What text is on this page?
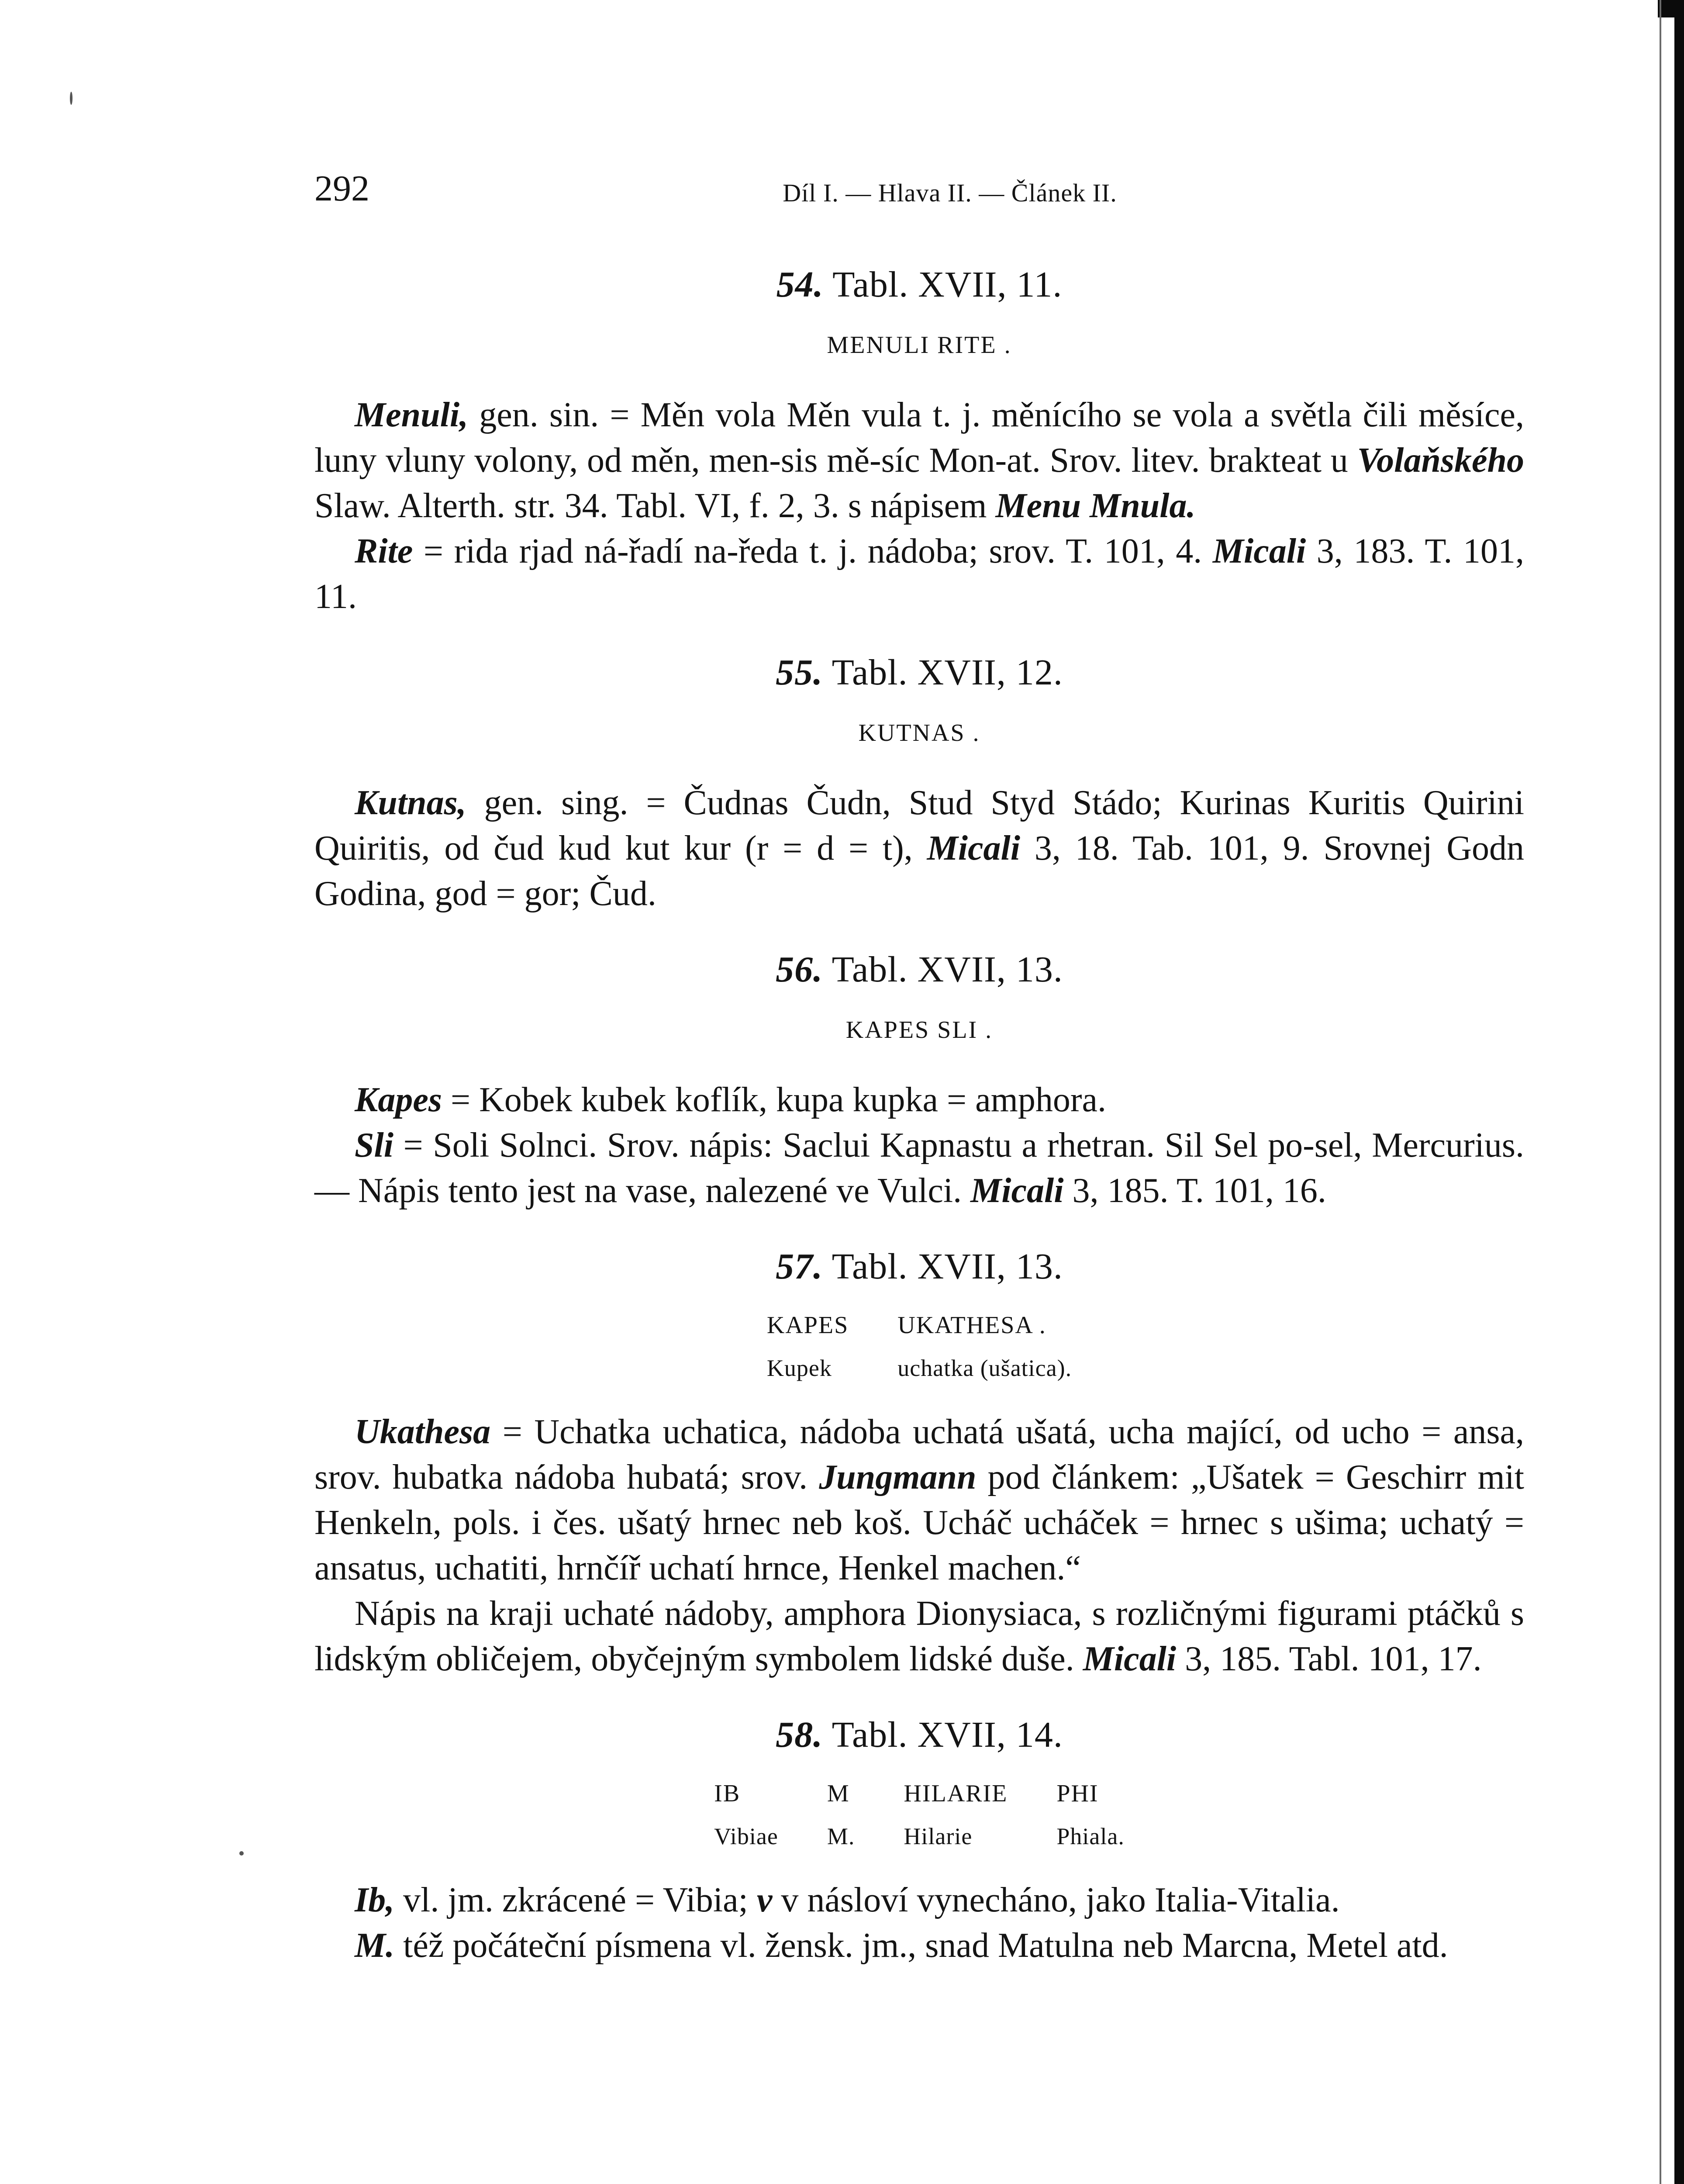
292	Díl I. — Hlava II. — Článek II.
54. Tabl. XVII, 11.
MENULI RITE .

Menuli, gen. sin. = Měn vola Měn vula t. j. měnícího se vola a světla čili měsíce, luny vluny volony, od měn, men-sis mě-síc Mon-at. Srov. litev. brakteat u Volaňského Slaw. Alterth. str. 34. Tabl. VI, f. 2, 3. s nápisem Menu Mnula.

Rite = rida rjad ná-řadí na-ředa t. j. nádoba; srov. T. 101, 4. Micali 3, 183. T. 101, 11.

55. Tabl. XVII, 12.
KUTNAS .

Kutnas, gen. sing. = Čudnas Čudn, Stud Styd Stádo; Kurinas Kuritis Quirini Quiritis, od čud kud kut kur (r = d = t), Micali 3, 18. Tab. 101, 9. Srovnej Godn Godina, god = gor; Čud.

56. Tabl. XVII, 13.
KAPES SLI .

Kapes = Kobek kubek koflík, kupa kupka = amphora.

Sli = Soli Solnci. Srov. nápis: Saclui Kapnastu a rhetran. Sil Sel po-sel, Mercurius. — Nápis tento jest na vase, nalezené ve Vulci. Micali 3, 185. T. 101, 16.

57. Tabl. XVII, 13.
KAPES	UKATHESA .
Kupek	uchatka (ušatica).

Ukathesa = Uchatka uchatica, nádoba uchatá ušatá, ucha mající, od ucho = ansa, srov. hubatka nádoba hubatá; srov. Jungmann pod článkem: „Ušatek = Geschirr mit Henkeln, pols. i čes. ušatý hrnec neb koš. Ucháč ucháček = hrnec s ušima; uchatý = ansatus, uchatiti, hrnčíř uchatí hrnce, Henkel machen.“

Nápis na kraji uchaté nádoby, amphora Dionysiaca, s rozličnými figurami ptáčků s lidským obličejem, obyčejným symbolem lidské duše. Micali 3, 185. Tabl. 101, 17.

58. Tabl. XVII, 14.
IB	M	HILARIE	PHI
Vibiae	M.	Hilarie	Phiala.

Ib, vl. jm. zkrácené = Vibia; v v násloví vynecháno, jako Italia-Vitalia.

M. též počáteční písmena vl. žensk. jm., snad Matulna neb Marcna, Metel atd.
